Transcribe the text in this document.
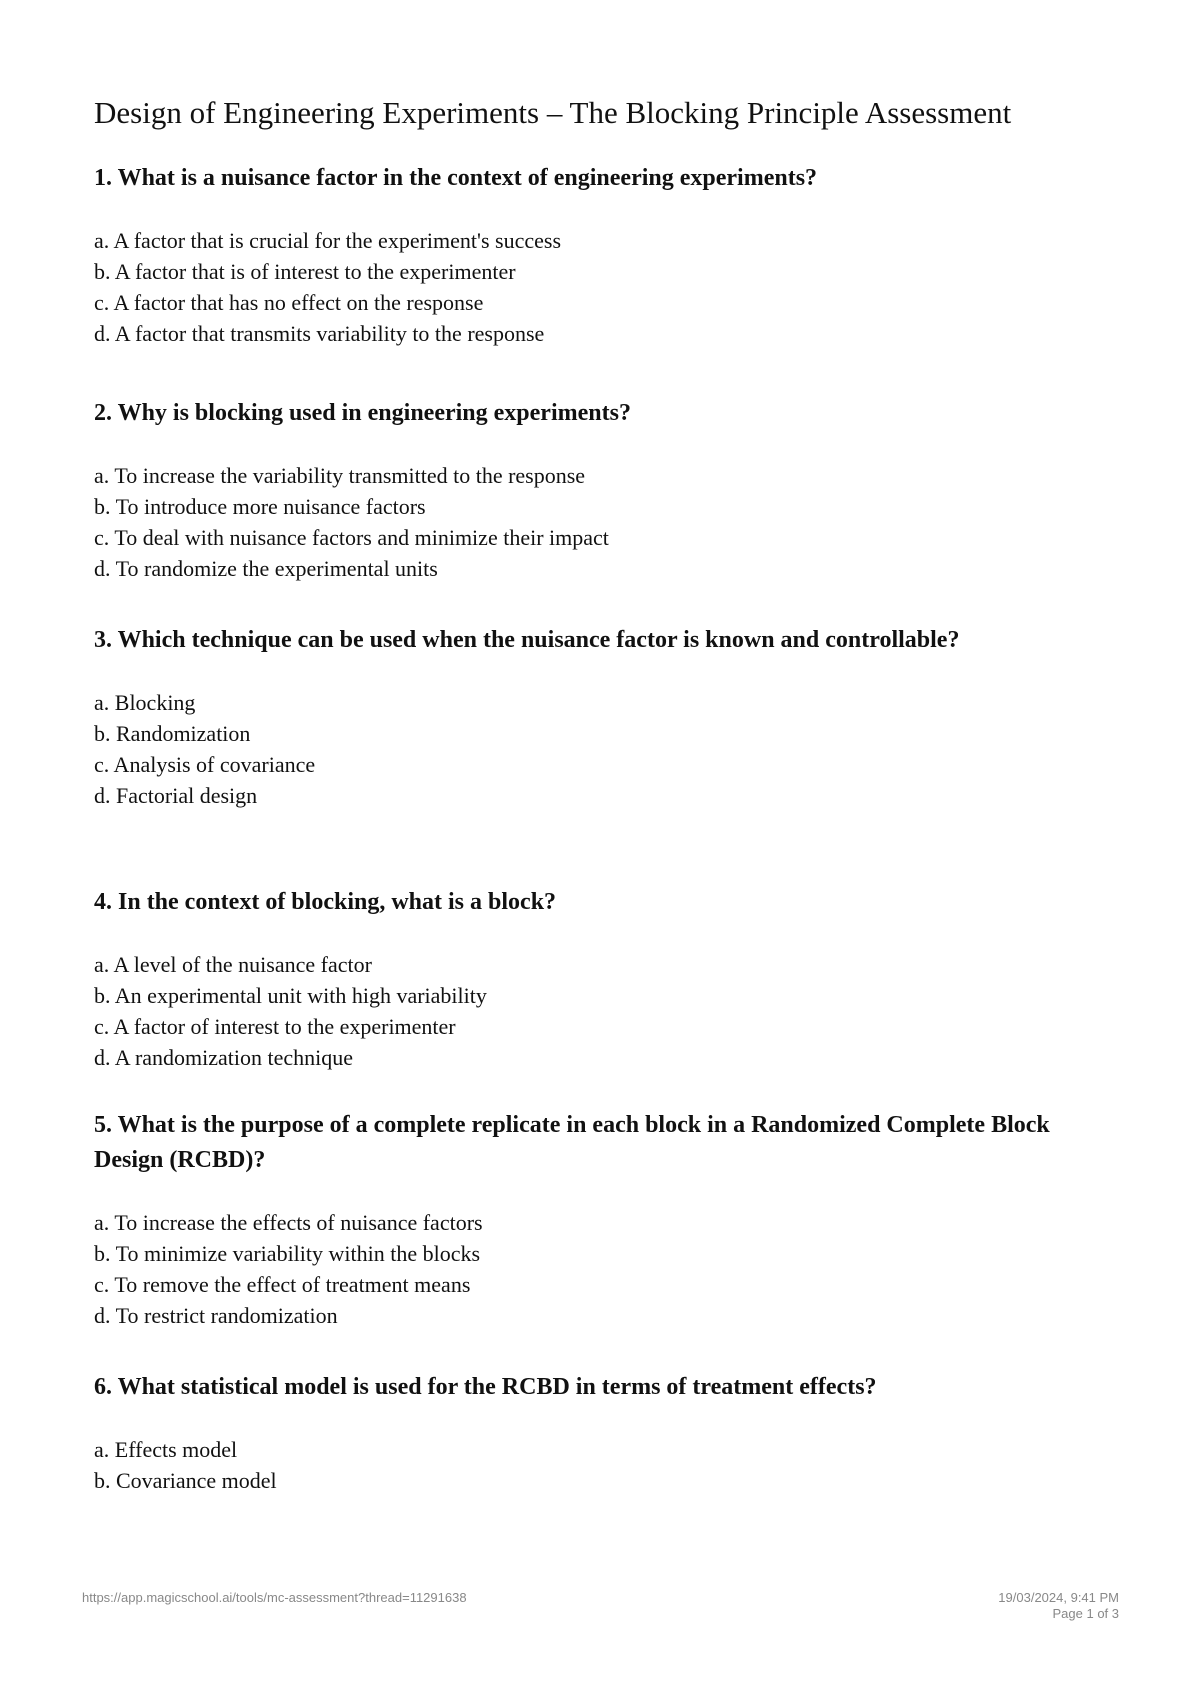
Design of Engineering Experiments – The Blocking Principle Assessment

1. What is a nuisance factor in the context of engineering experiments?

a. A factor that is crucial for the experiment's success
b. A factor that is of interest to the experimenter
c. A factor that has no effect on the response
d. A factor that transmits variability to the response

2. Why is blocking used in engineering experiments?

a. To increase the variability transmitted to the response
b. To introduce more nuisance factors
c. To deal with nuisance factors and minimize their impact
d. To randomize the experimental units

3. Which technique can be used when the nuisance factor is known and controllable?

a. Blocking
b. Randomization
c. Analysis of covariance
d. Factorial design

4. In the context of blocking, what is a block?

a. A level of the nuisance factor
b. An experimental unit with high variability
c. A factor of interest to the experimenter
d. A randomization technique

5. What is the purpose of a complete replicate in each block in a Randomized Complete Block Design (RCBD)?

a. To increase the effects of nuisance factors
b. To minimize variability within the blocks
c. To remove the effect of treatment means
d. To restrict randomization

6. What statistical model is used for the RCBD in terms of treatment effects?

a. Effects model
b. Covariance model
https://app.magicschool.ai/tools/mc-assessment?thread=11291638	19/03/2024, 9:41 PM
Page 1 of 3
